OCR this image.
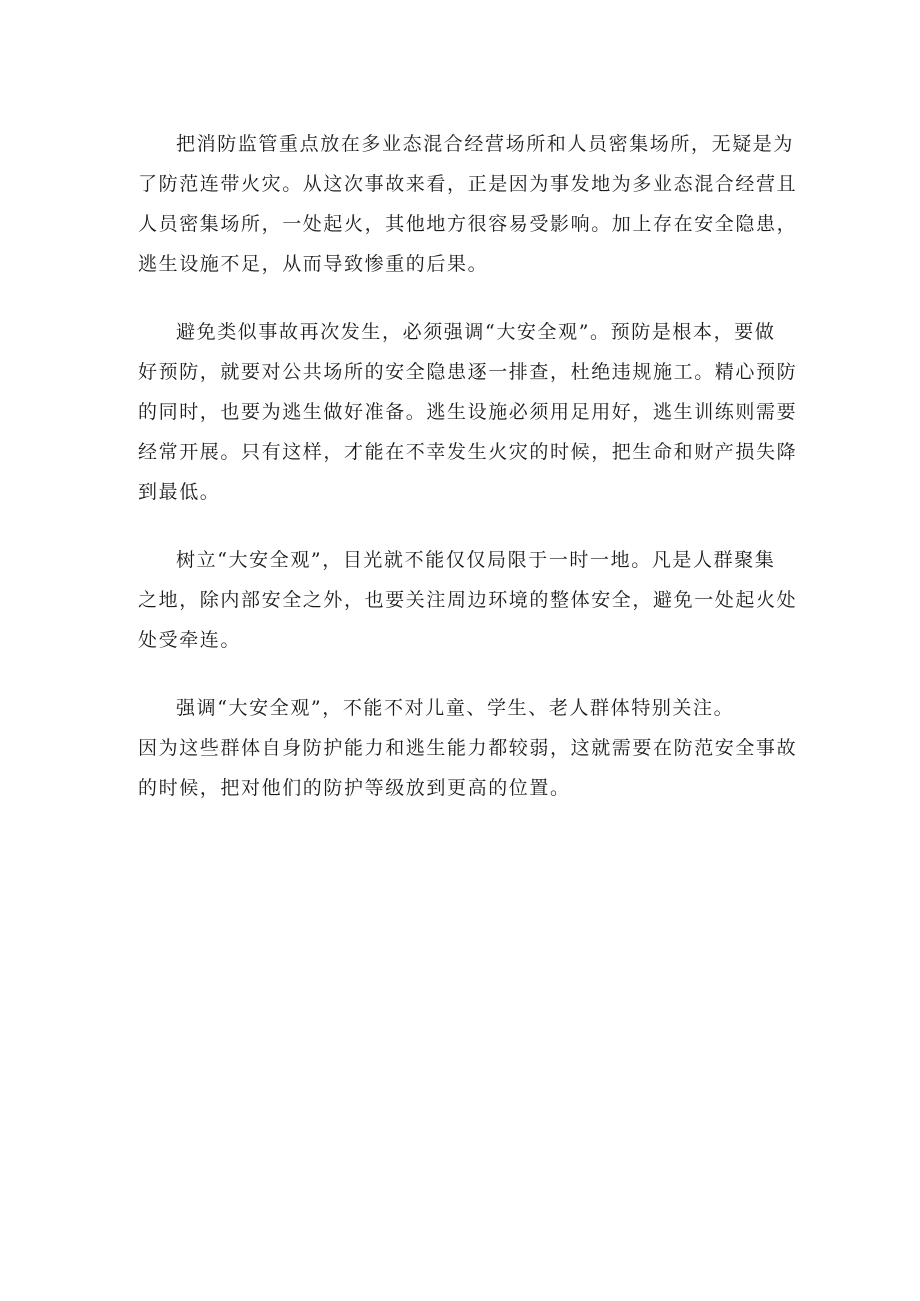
把消防监管重点放在多业态混合经营场所和人员密集场所，无疑是为
了防范连带火灾。从这次事故来看，正是因为事发地为多业态混合经营且
人员密集场所，一处起火，其他地方很容易受影响。加上存在安全隐患，
逃生设施不足，从而导致惨重的后果。

避免类似事故再次发生，必须强调“大安全观”。预防是根本，要做
好预防，就要对公共场所的安全隐患逐一排查，杜绝违规施工。精心预防
的同时，也要为逃生做好准备。逃生设施必须用足用好，逃生训练则需要
经常开展。只有这样，才能在不幸发生火灾的时候，把生命和财产损失降
到最低。

树立“大安全观”，目光就不能仅仅局限于一时一地。凡是人群聚集
之地，除内部安全之外，也要关注周边环境的整体安全，避免一处起火处
处受牵连。

强调“大安全观”，不能不对儿童、学生、老人群体特别关注。
因为这些群体自身防护能力和逃生能力都较弱，这就需要在防范安全事故
的时候，把对他们的防护等级放到更高的位置。
